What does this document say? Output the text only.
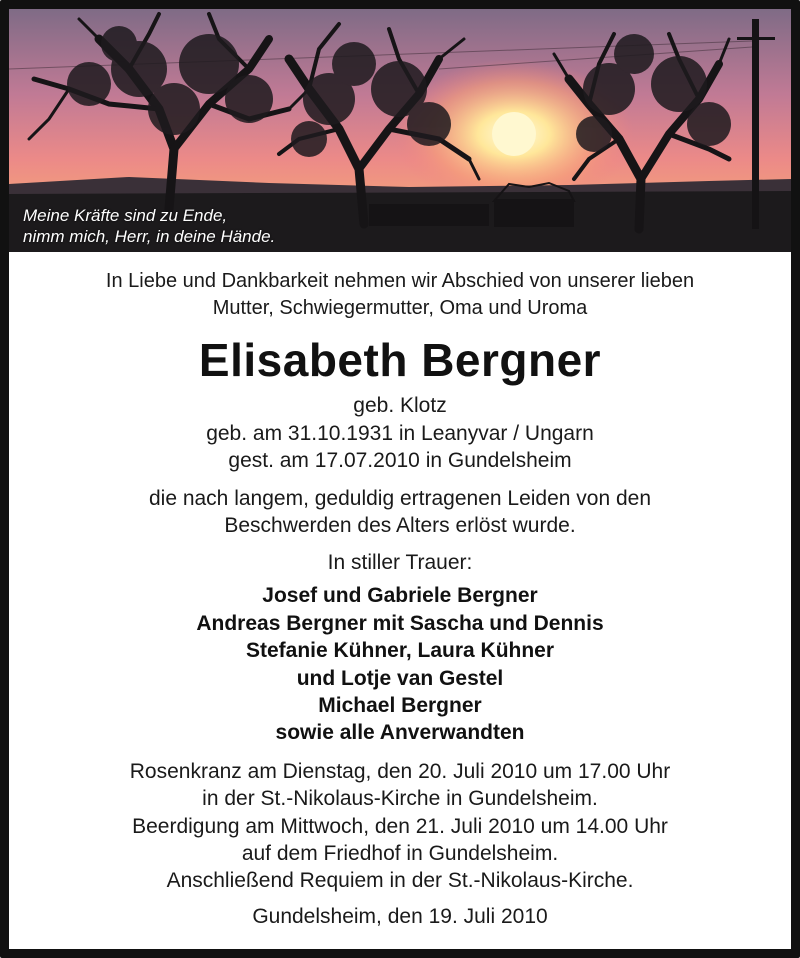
Meine Kräfte sind zu Ende,
nimm mich, Herr, in deine Hände.
In Liebe und Dankbarkeit nehmen wir Abschied von unserer lieben
Mutter, Schwiegermutter, Oma und Uroma
Elisabeth Bergner
geb. Klotz
geb. am 31.10.1931 in Leanyvar / Ungarn
gest. am 17.07.2010 in Gundelsheim
die nach langem, geduldig ertragenen Leiden von den
Beschwerden des Alters erlöst wurde.
In stiller Trauer:
Josef und Gabriele Bergner
Andreas Bergner mit Sascha und Dennis
Stefanie Kühner, Laura Kühner
und Lotje van Gestel
Michael Bergner
sowie alle Anverwandten
Rosenkranz am Dienstag, den 20. Juli 2010 um 17.00 Uhr
in der St.-Nikolaus-Kirche in Gundelsheim.
Beerdigung am Mittwoch, den 21. Juli 2010 um 14.00 Uhr
auf dem Friedhof in Gundelsheim.
Anschließend Requiem in der St.-Nikolaus-Kirche.
Gundelsheim, den 19. Juli 2010
